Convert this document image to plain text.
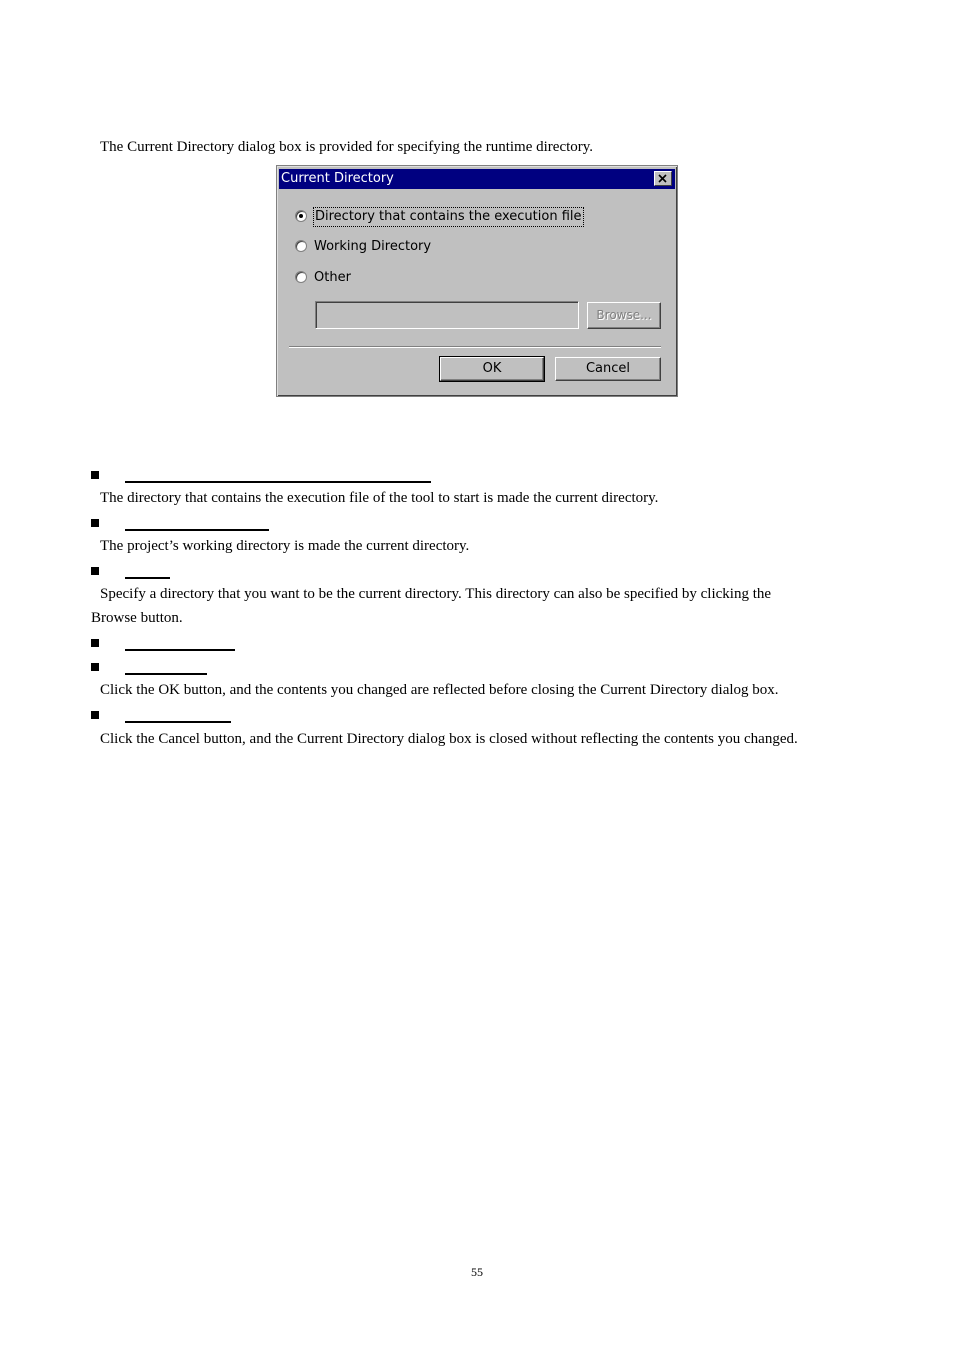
The Current Directory dialog box is provided for specifying the runtime directory.
Current Directory
Directory that contains the execution file
Working Directory
Other
Browse...
OK	Cancel
The directory that contains the execution file of the tool to start is made the current directory.
The project’s working directory is made the current directory.
Specify a directory that you want to be the current directory. This directory can also be specified by clicking the
Browse button.
Click the OK button, and the contents you changed are reflected before closing the Current Directory dialog box.
Click the Cancel button, and the Current Directory dialog box is closed without reflecting the contents you changed.
55
